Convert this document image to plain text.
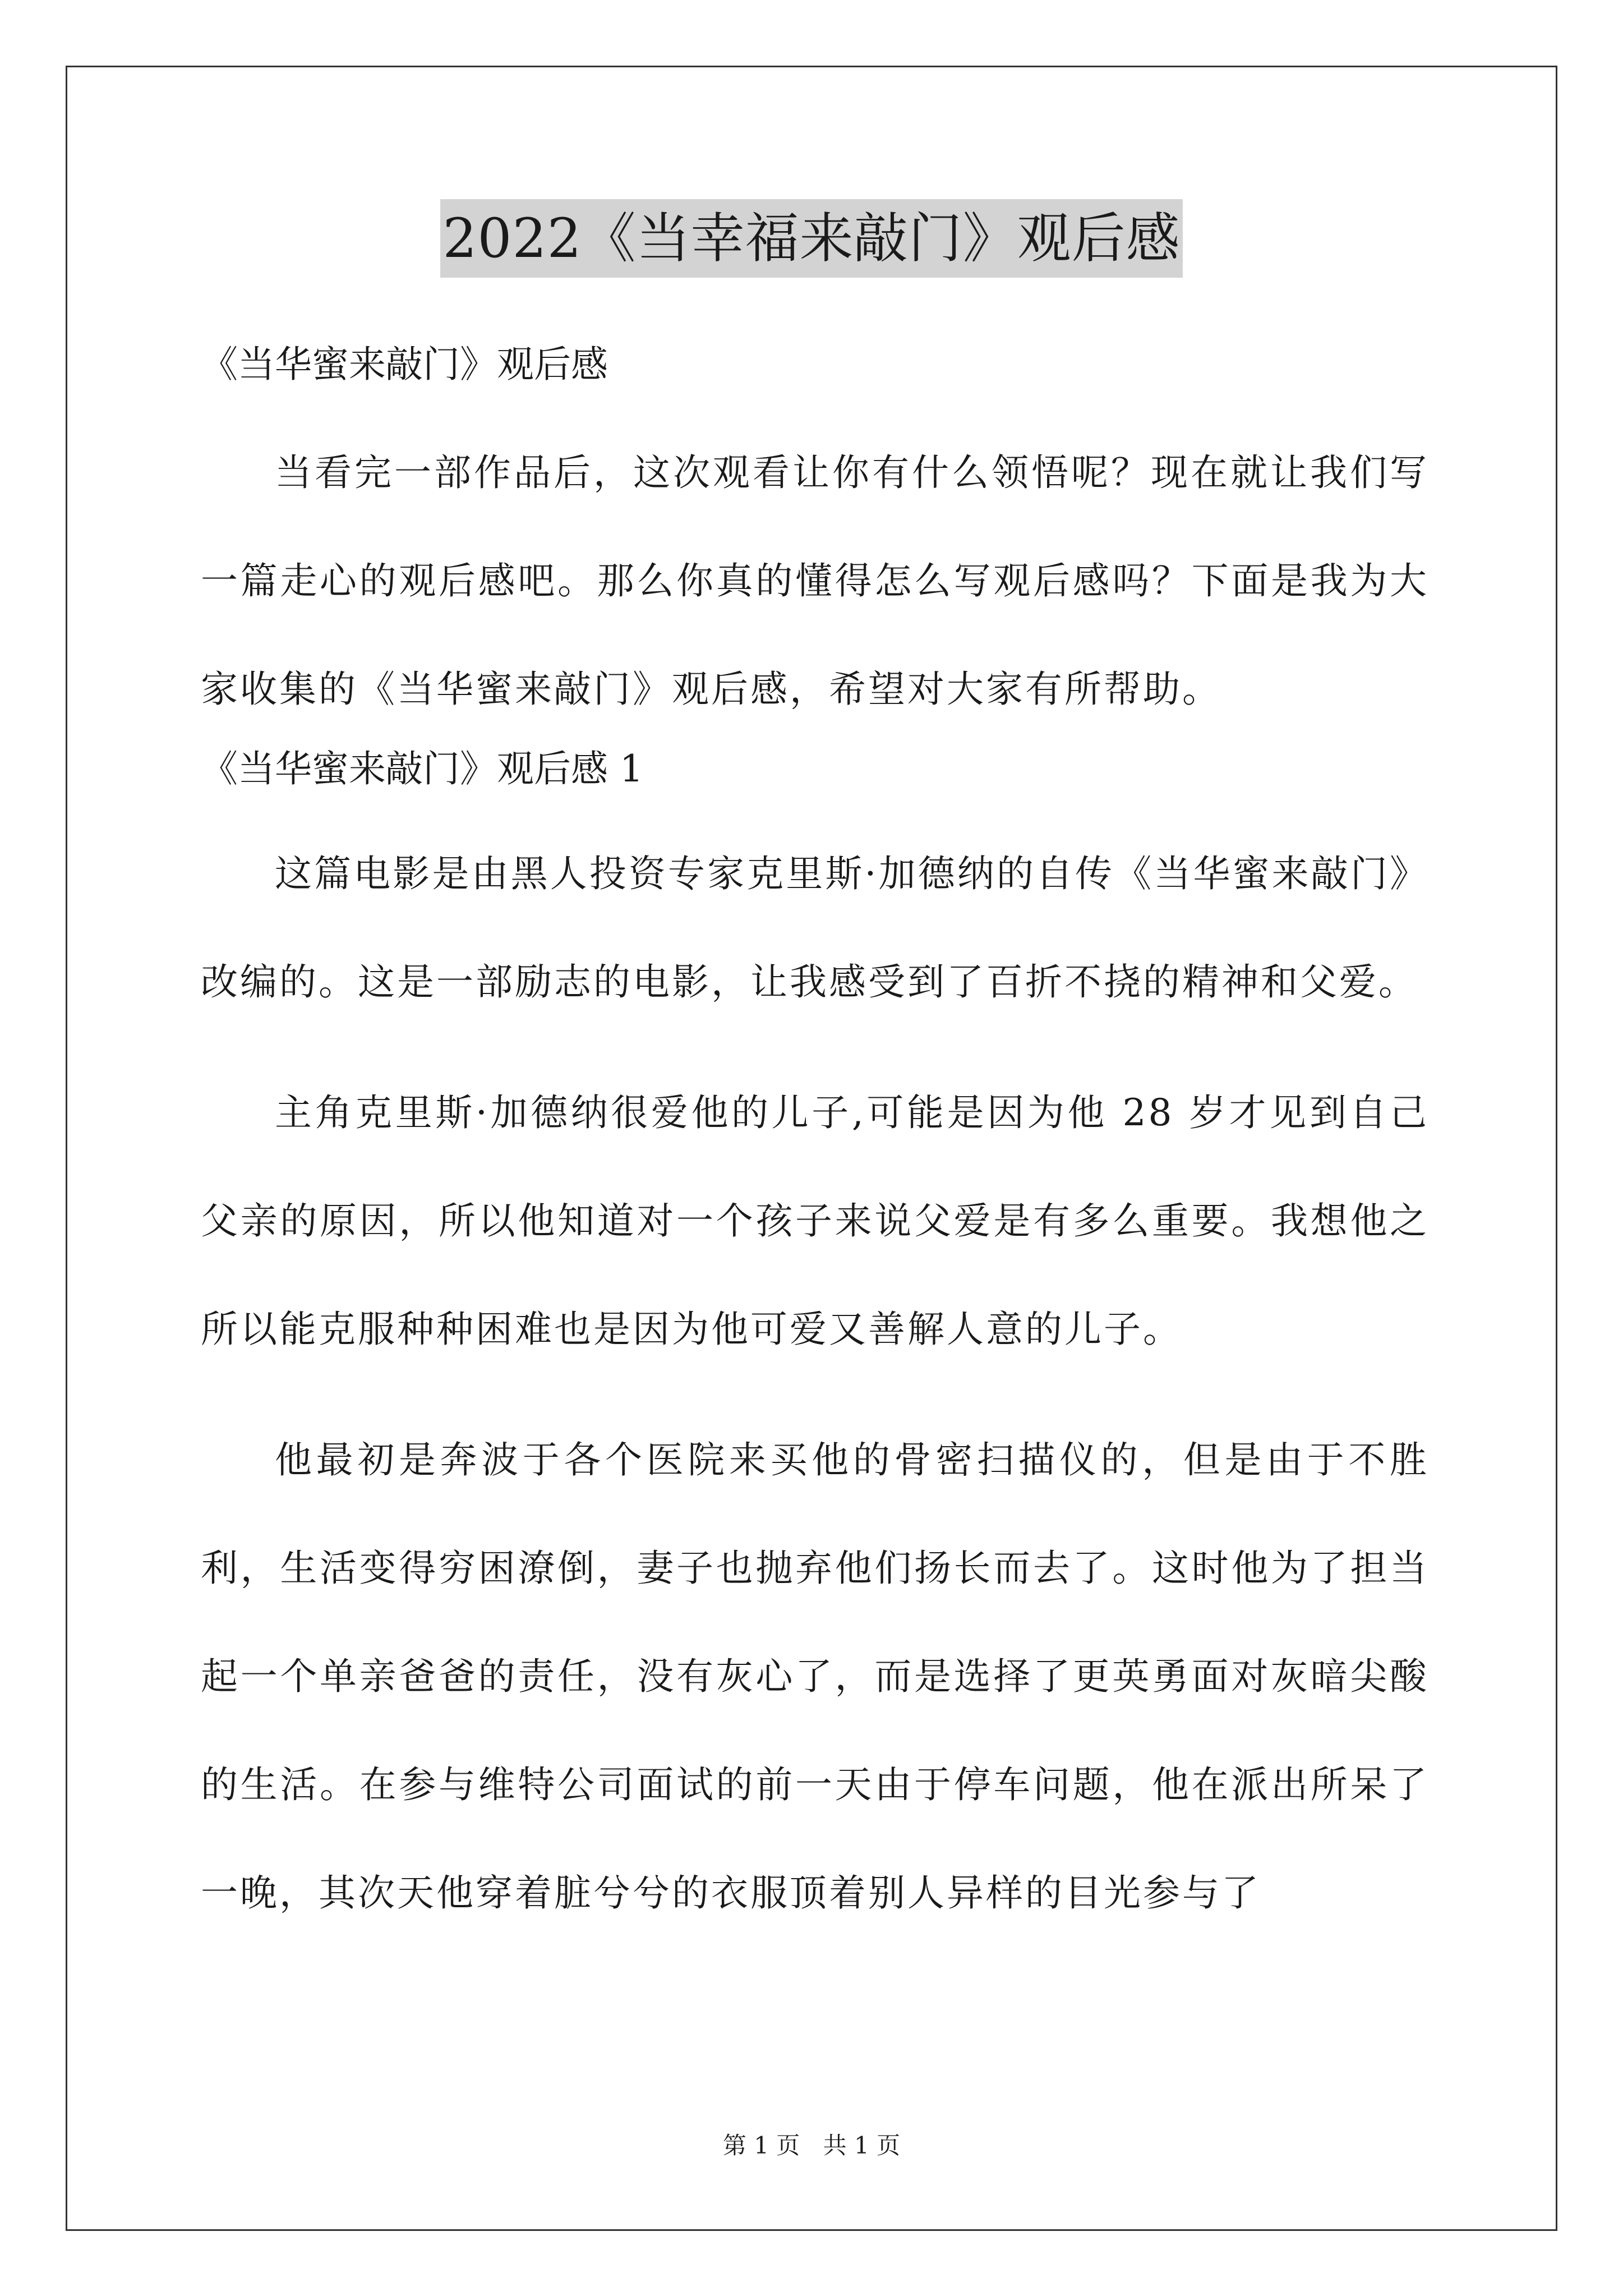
2022《当幸福来敲门》观后感

《当华蜜来敲门》观后感

当看完一部作品后，这次观看让你有什么领悟呢？现在就让我们写一篇走心的观后感吧。那么你真的懂得怎么写观后感吗？下面是我为大家收集的《当华蜜来敲门》观后感，希望对大家有所帮助。

《当华蜜来敲门》观后感 1

这篇电影是由黑人投资专家克里斯·加德纳的自传《当华蜜来敲门》改编的。这是一部励志的电影，让我感受到了百折不挠的精神和父爱。

主角克里斯·加德纳很爱他的儿子,可能是因为他 28 岁才见到自己父亲的原因，所以他知道对一个孩子来说父爱是有多么重要。我想他之所以能克服种种困难也是因为他可爱又善解人意的儿子。

他最初是奔波于各个医院来买他的骨密扫描仪的，但是由于不胜利，生活变得穷困潦倒，妻子也抛弃他们扬长而去了。这时他为了担当起一个单亲爸爸的责任，没有灰心了，而是选择了更英勇面对灰暗尖酸的生活。在参与维特公司面试的前一天由于停车问题，他在派出所呆了一晚，其次天他穿着脏兮兮的衣服顶着别人异样的目光参与了

第 1 页 共 1 页
